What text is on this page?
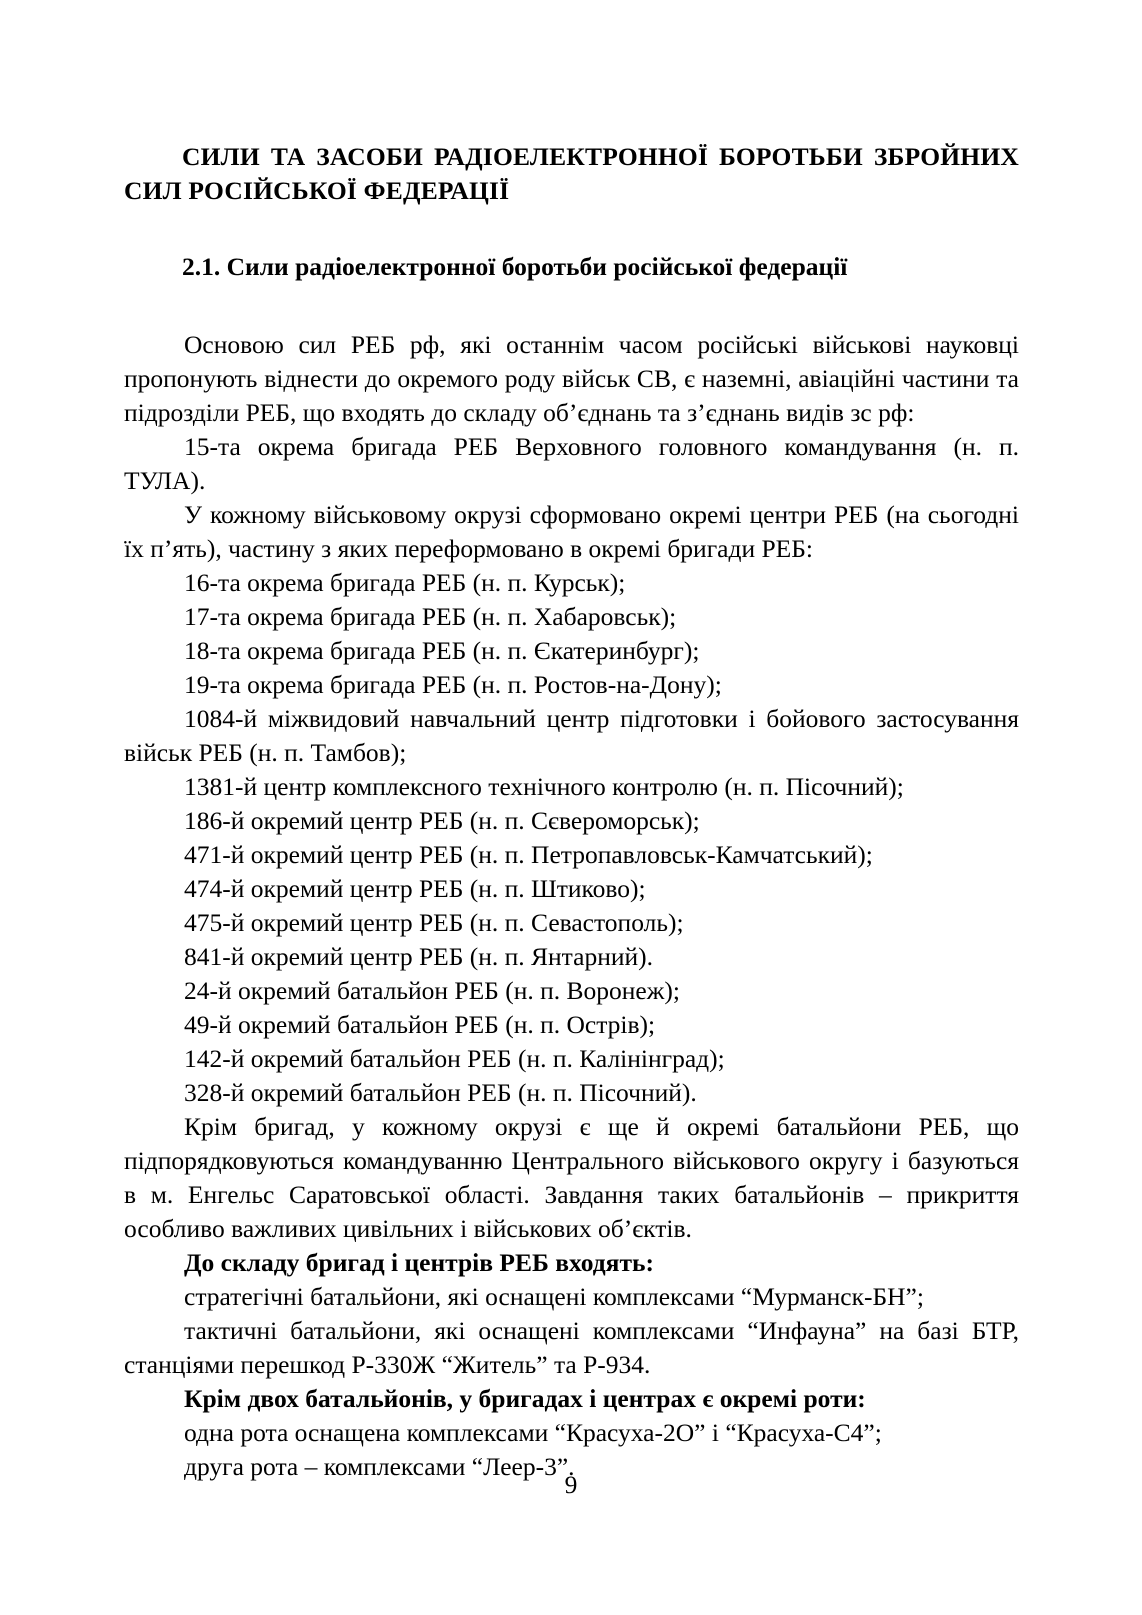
СИЛИ ТА ЗАСОБИ РАДІОЕЛЕКТРОННОЇ БОРОТЬБИ ЗБРОЙНИХ СИЛ РОСІЙСЬКОЇ ФЕДЕРАЦІЇ
2.1. Сили радіоелектронної боротьби російської федерації

Основою сил РЕБ рф, які останнім часом російські військові науковці пропонують віднести до окремого роду військ СВ, є наземні, авіаційні частини та підрозділи РЕБ, що входять до складу об’єднань та з’єднань видів зс рф:

15-та окрема бригада РЕБ Верховного головного командування (н. п. ТУЛА).

У кожному військовому окрузі сформовано окремі центри РЕБ (на сьогодні їх п’ять), частину з яких переформовано в окремі бригади РЕБ:

16-та окрема бригада РЕБ (н. п. Курськ);

17-та окрема бригада РЕБ (н. п. Хабаровськ);

18-та окрема бригада РЕБ (н. п. Єкатеринбург);

19-та окрема бригада РЕБ (н. п. Ростов-на-Дону);

1084-й міжвидовий навчальний центр підготовки і бойового застосування військ РЕБ (н. п. Тамбов);

1381-й центр комплексного технічного контролю (н. п. Пісочний);

186-й окремий центр РЕБ (н. п. Сєвероморськ);

471-й окремий центр РЕБ (н. п. Петропавловськ-Камчатський);

474-й окремий центр РЕБ (н. п. Штиково);

475-й окремий центр РЕБ (н. п. Севастополь);

841-й окремий центр РЕБ (н. п. Янтарний).

24-й окремий батальйон РЕБ (н. п. Воронеж);

49-й окремий батальйон РЕБ (н. п. Острів);

142-й окремий батальйон РЕБ (н. п. Калінінград);

328-й окремий батальйон РЕБ (н. п. Пісочний).

Крім бригад, у кожному окрузі є ще й окремі батальйони РЕБ, що підпорядковуються командуванню Центрального військового округу і базуються в м. Енгельс Саратовської області. Завдання таких батальйонів – прикриття особливо важливих цивільних і військових об’єктів.

До складу бригад і центрів РЕБ входять:

стратегічні батальйони, які оснащені комплексами “Мурманск-БН”;

тактичні батальйони, які оснащені комплексами “Инфауна” на базі БТР, станціями перешкод Р-330Ж “Житель” та Р-934.

Крім двох батальйонів, у бригадах і центрах є окремі роти:

одна рота оснащена комплексами “Красуха-2О” і “Красуха-С4”;

друга рота – комплексами “Леер-3”.

9
